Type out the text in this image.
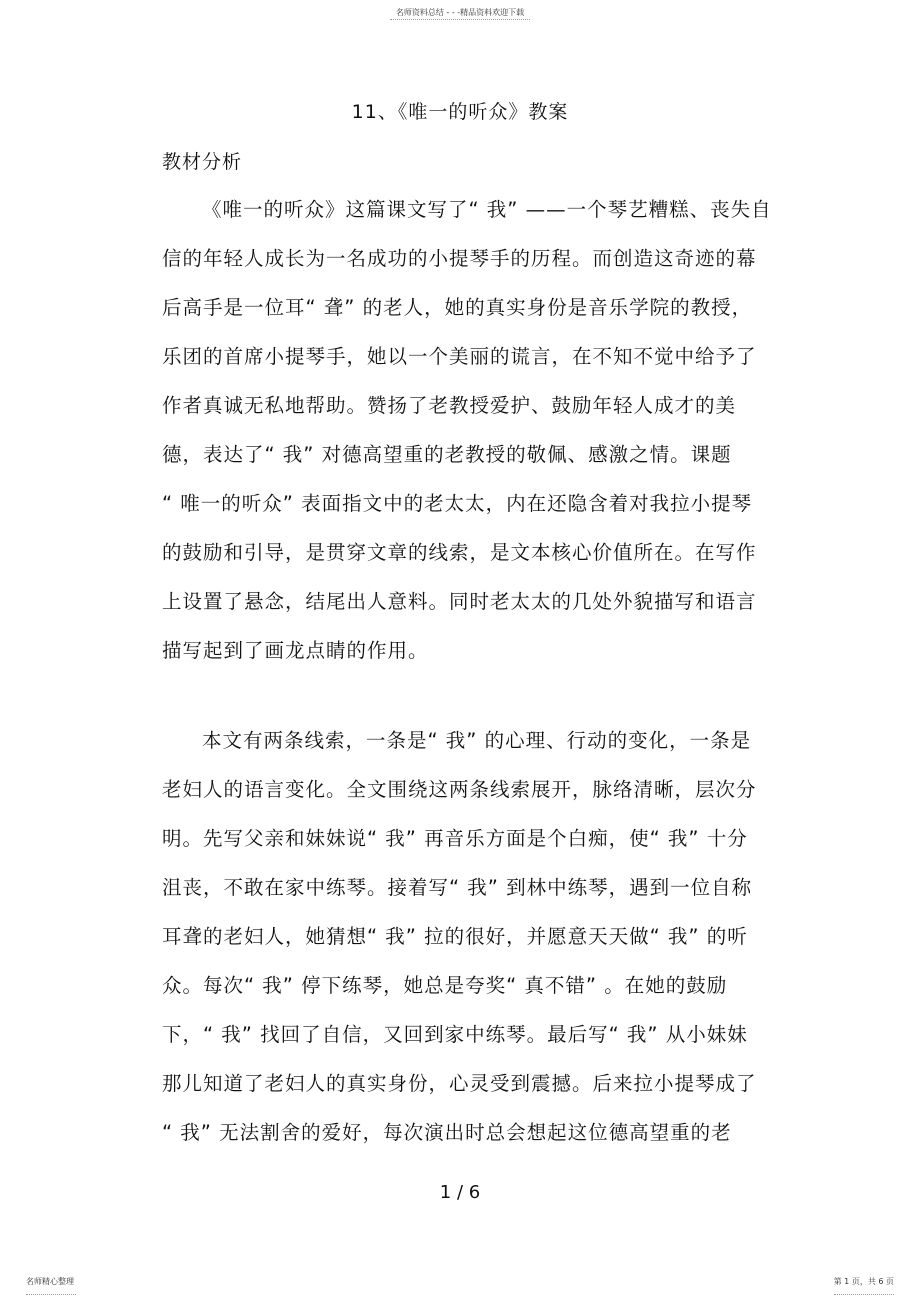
名师资料总结 - - -精品资料欢迎下载
11、《唯一的听众》教案
教材分析
《唯一的听众》这篇课文写了“ 我” ——一个琴艺糟糕、丧失自
信的年轻人成长为一名成功的小提琴手的历程。而创造这奇迹的幕
后高手是一位耳“ 聋” 的老人，她的真实身份是音乐学院的教授，
乐团的首席小提琴手，她以一个美丽的谎言，在不知不觉中给予了
作者真诚无私地帮助。赞扬了老教授爱护、鼓励年轻人成才的美
德，表达了“ 我” 对德高望重的老教授的敬佩、感激之情。课题
“ 唯一的听众” 表面指文中的老太太，内在还隐含着对我拉小提琴
的鼓励和引导，是贯穿文章的线索，是文本核心价值所在。在写作
上设置了悬念，结尾出人意料。同时老太太的几处外貌描写和语言
描写起到了画龙点睛的作用。
本文有两条线索，一条是“ 我” 的心理、行动的变化，一条是
老妇人的语言变化。全文围绕这两条线索展开，脉络清晰，层次分
明。先写父亲和妹妹说“ 我” 再音乐方面是个白痴，使“ 我” 十分
沮丧，不敢在家中练琴。接着写“ 我” 到林中练琴，遇到一位自称
耳聋的老妇人，她猜想“ 我” 拉的很好，并愿意天天做“ 我” 的听
众。每次“ 我” 停下练琴，她总是夸奖“ 真不错” 。在她的鼓励
下，“ 我” 找回了自信，又回到家中练琴。最后写“ 我” 从小妹妹
那儿知道了老妇人的真实身份，心灵受到震撼。后来拉小提琴成了
“ 我” 无法割舍的爱好，每次演出时总会想起这位德高望重的老
1 / 6
名师精心整理	第 1 页，共 6 页
